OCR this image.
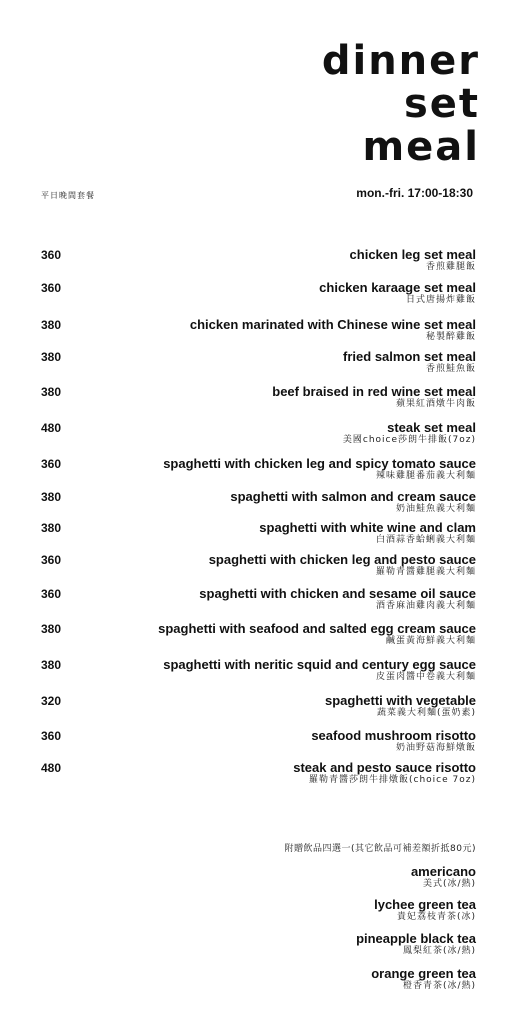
dinner
set
meal
平日晚間套餐	mon.-fri. 17:00-18:30
360	chicken leg set meal
香煎雞腿飯
360	chicken karaage set meal
日式唐揚炸雞飯
380	chicken marinated with Chinese wine set meal
秘製醉雞飯
380	fried salmon set meal
香煎鮭魚飯
380	beef braised in red wine set meal
蘋果紅酒燉牛肉飯
480	steak set meal
美國choice莎朗牛排飯(7oz)
360	spaghetti with chicken leg and spicy tomato sauce
辣味雞腿番茄義大利麵
380	spaghetti with salmon and cream sauce
奶油鮭魚義大利麵
380	spaghetti with white wine and clam
白酒蒜香蛤蜊義大利麵
360	spaghetti with chicken leg and pesto sauce
羅勒青醬雞腿義大利麵
360	spaghetti with chicken and sesame oil sauce
酒香麻油雞肉義大利麵
380	spaghetti with seafood and salted egg cream sauce
鹹蛋黃海鮮義大利麵
380	spaghetti with neritic squid and century egg sauce
皮蛋肉醬中卷義大利麵
320	spaghetti with vegetable
蔬菜義大利麵(蛋奶素)
360	seafood mushroom risotto
奶油野菇海鮮燉飯
480	steak and pesto sauce risotto
羅勒青醬莎朗牛排燉飯(choice 7oz)
附贈飲品四選一(其它飲品可補差額折抵80元)
americano
美式(冰/熱)
lychee green tea
貴妃荔枝青茶(冰)
pineapple black tea
鳳梨紅茶(冰/熱)
orange green tea
橙香青茶(冰/熱)
